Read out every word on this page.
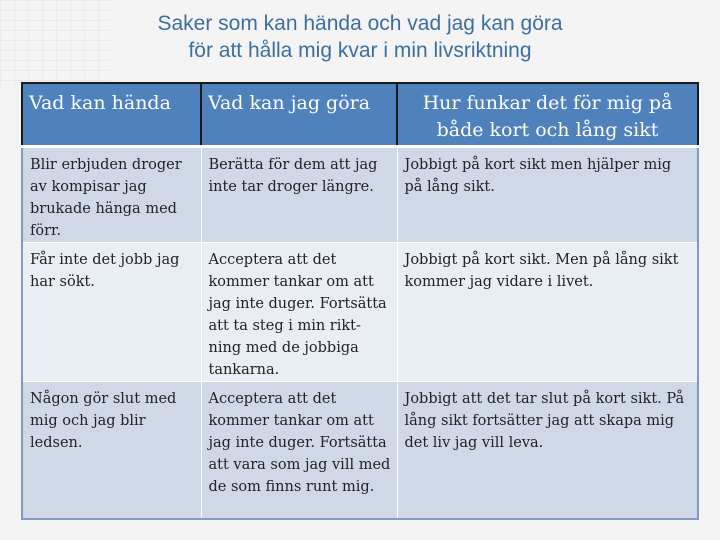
Saker som kan hända och vad jag kan göra
för att hålla mig kvar i min livsriktning
Vad kan hända	Vad kan jag göra	Hur funkar det för mig på både kort och lång sikt
Blir erbjuden droger av kompisar jag brukade hänga med förr.	Berätta för dem att jag inte tar droger längre.	Jobbigt på kort sikt men hjälper mig på lång sikt.
Får inte det jobb jag har sökt.	Acceptera att det kommer tankar om att jag inte duger. Fortsätta att ta steg i min rikt-ning med de jobbiga tankarna.	Jobbigt på kort sikt. Men på lång sikt kommer jag vidare i livet.
Någon gör slut med mig och jag blir ledsen.	Acceptera att det kommer tankar om att jag inte duger. Fortsätta att vara som jag vill med de som finns runt mig.	Jobbigt att det tar slut på kort sikt. På lång sikt fortsätter jag att skapa mig det liv jag vill leva.
